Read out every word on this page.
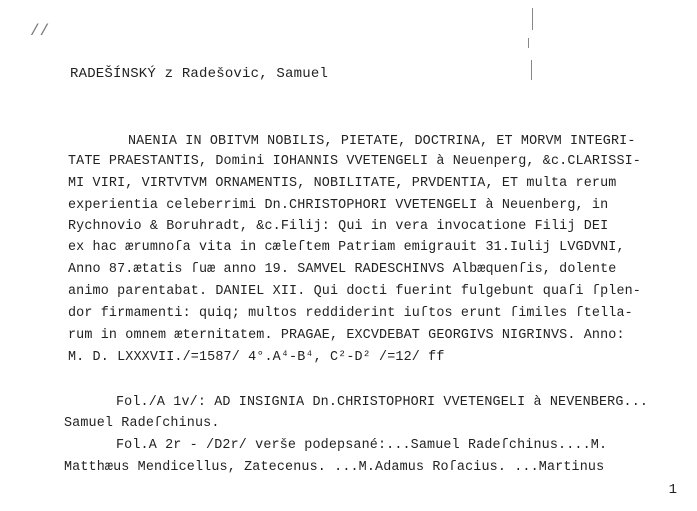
//
RADEŠÍNSKÝ z Radešovic, Samuel
NAENIA IN OBITVM NOBILIS, PIETATE, DOCTRINA, ET MORVM INTEGRI-
TATE PRAESTANTIS, Domini IOHANNIS VVETENGELI à Neuenperg, &c.CLARISSI-
MI VIRI, VIRTVTVM ORNAMENTIS, NOBILITATE, PRVDENTIA, ET multa rerum
experientia celeberrimi Dn.CHRISTOPHORI VVETENGELI à Neuenberg, in
Rychnovio & Boruhradt, &c.Filij: Qui in vera invocatione Filij DEI
ex hac ærumnoſa vita in cæleſtem Patriam emigrauit 31.Iulij LVGDVNI,
Anno 87.ætatis ſuæ anno 19. SAMVEL RADESCHINVS Albæquenſis, dolente
animo parentabat. DANIEL XII. Qui docti fuerint fulgebunt quaſi ſplen-
dor firmamenti: quiq; multos reddiderint iuſtos erunt ſimiles ſtella-
rum in omnem æternitatem. PRAGAE, EXCVDEBAT GEORGIVS NIGRINVS. Anno:
M. D. LXXXVII./=1587/ 4°.A⁴-B⁴, C²-D² /=12/ ff
Fol./A 1v/: AD INSIGNIA Dn.CHRISTOPHORI VVETENGELI à NEVENBERG...
Samuel Radeſchinus.
Fol.A 2r - /D2r/ verše podepsané:...Samuel Radeſchinus....M.
Matthæus Mendicellus, Zatecenus. ...M.Adamus Roſacius. ...Martinus
1
